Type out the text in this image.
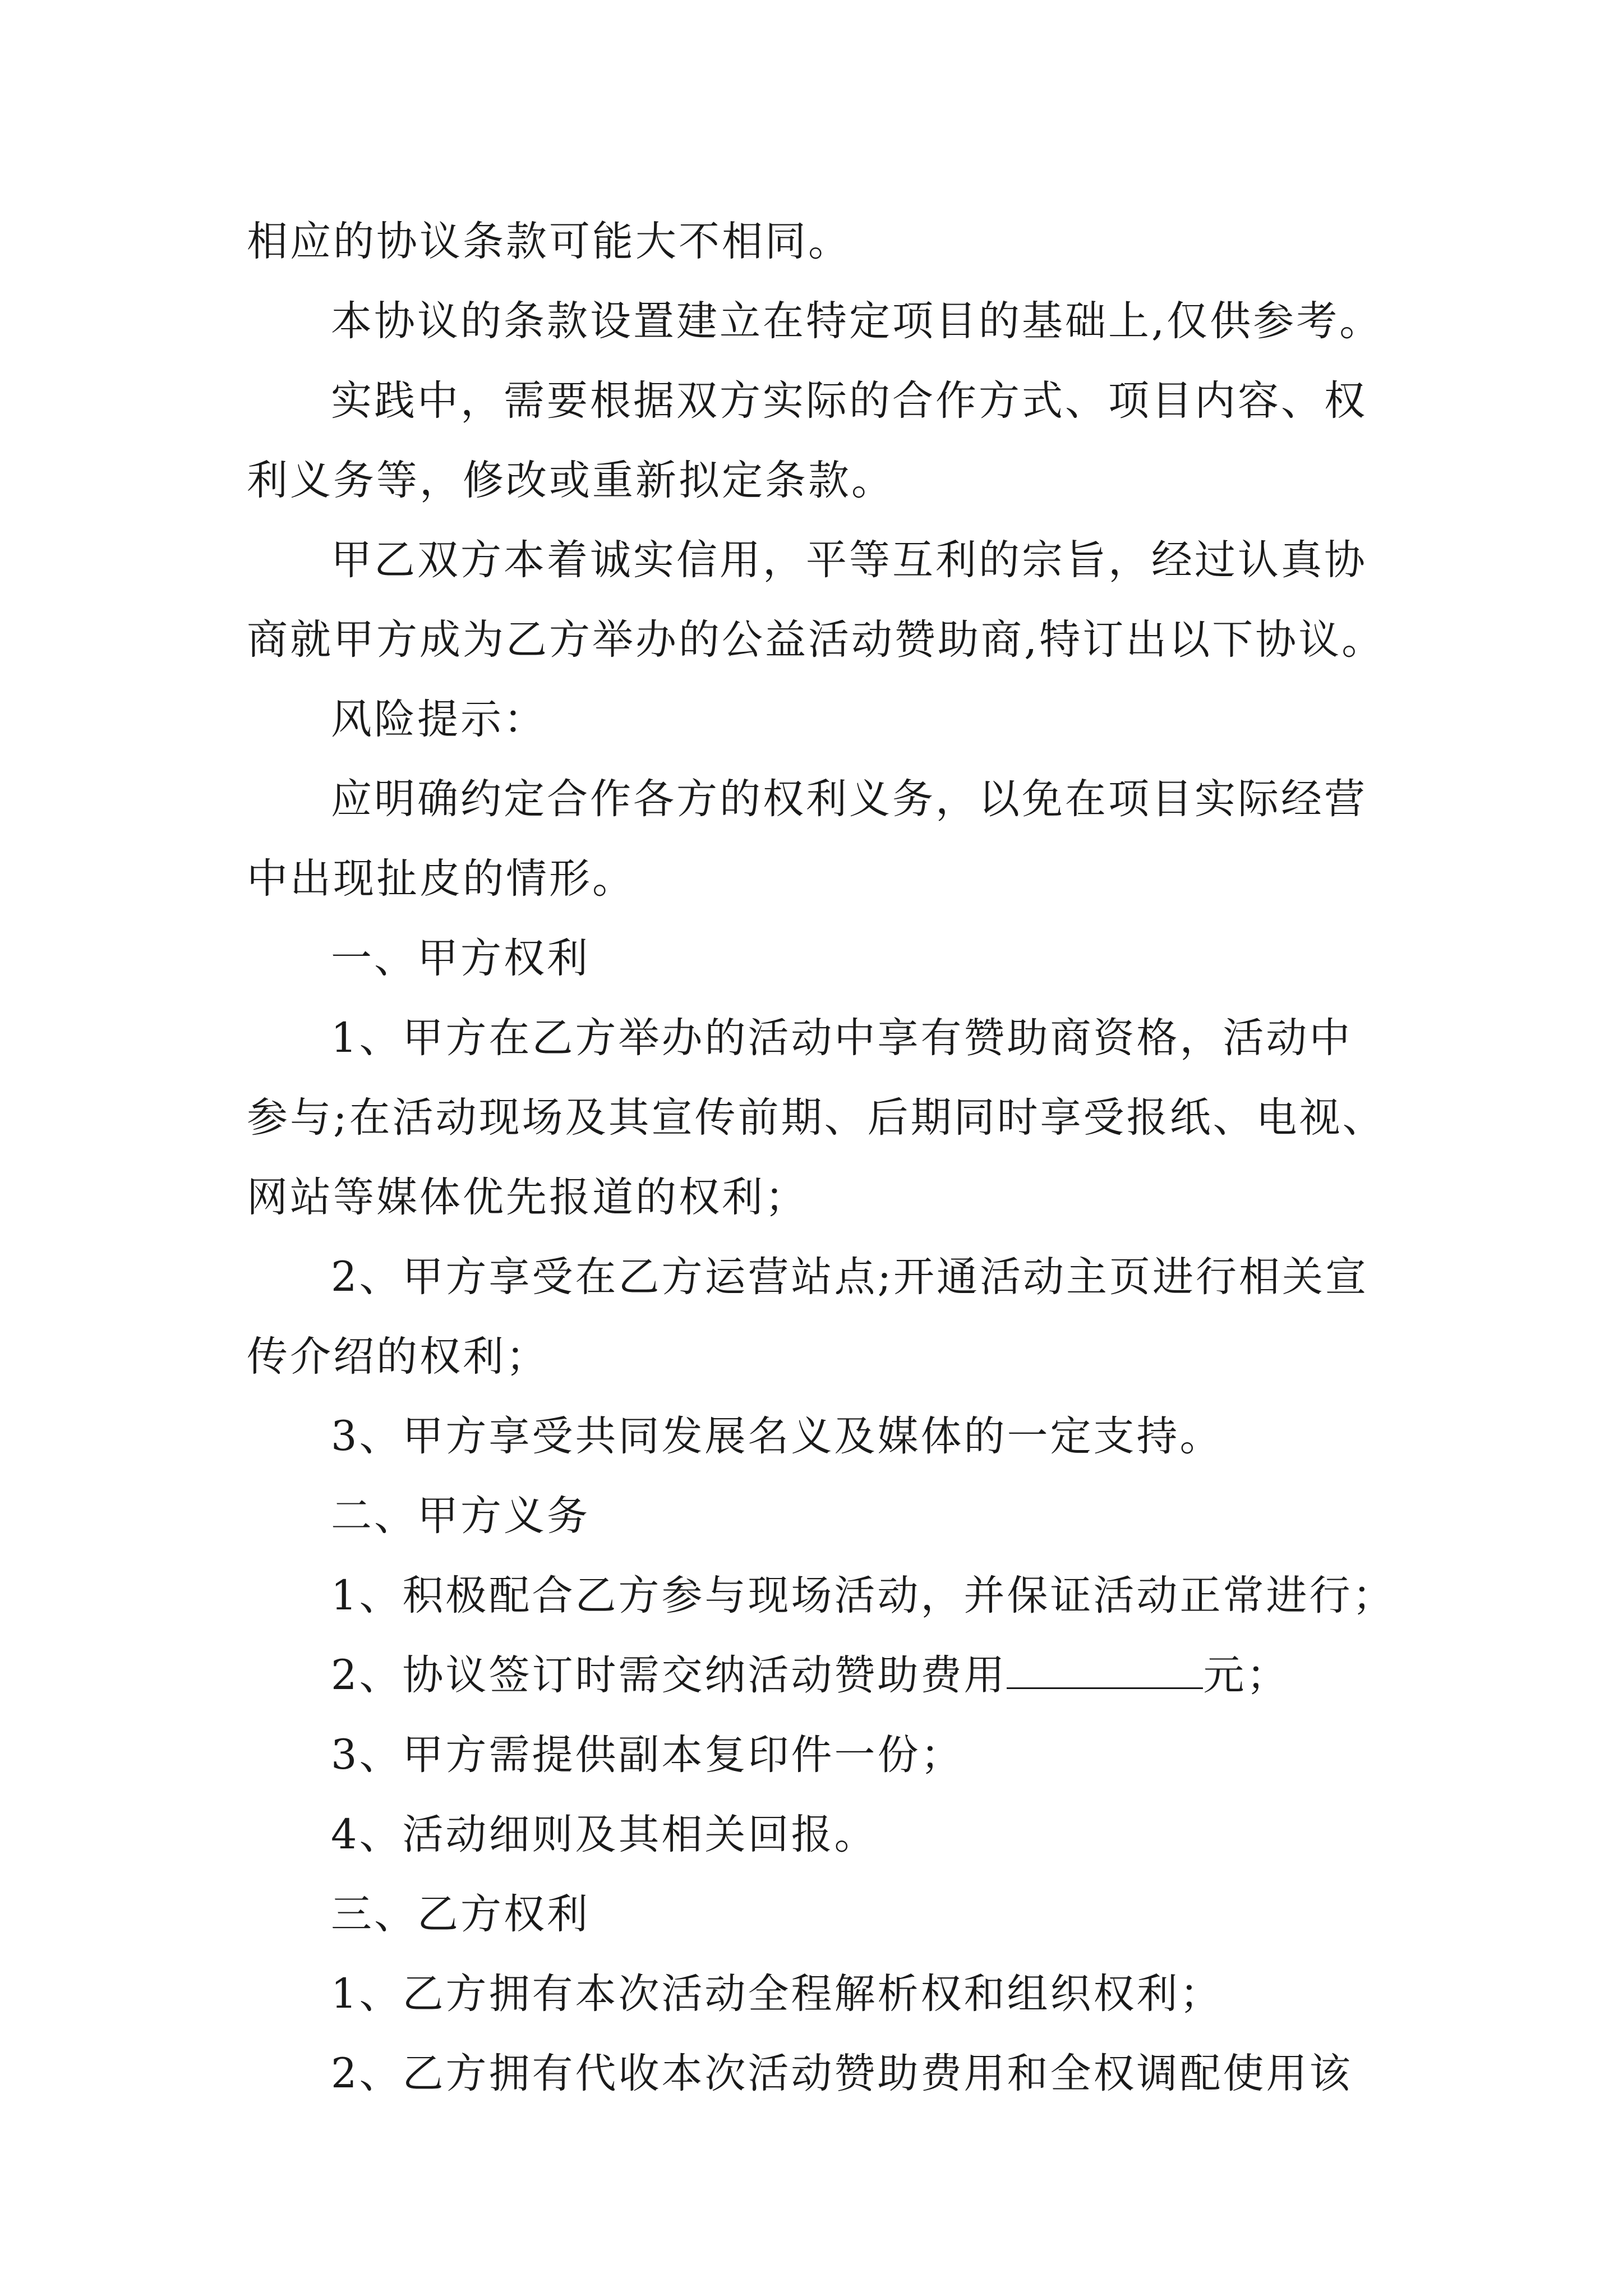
相应的协议条款可能大不相同。
本协议的条款设置建立在特定项目的基础上,仅供参考。
实践中，需要根据双方实际的合作方式、项目内容、权
利义务等，修改或重新拟定条款。
甲乙双方本着诚实信用，平等互利的宗旨，经过认真协
商就甲方成为乙方举办的公益活动赞助商,特订出以下协议。
风险提示：
应明确约定合作各方的权利义务，以免在项目实际经营
中出现扯皮的情形。
一、甲方权利
1、甲方在乙方举办的活动中享有赞助商资格，活动中
参与;在活动现场及其宣传前期、后期同时享受报纸、电视、
网站等媒体优先报道的权利；
2、甲方享受在乙方运营站点;开通活动主页进行相关宣
传介绍的权利；
3、甲方享受共同发展名义及媒体的一定支持。
二、甲方义务
1、积极配合乙方参与现场活动，并保证活动正常进行；
2、协议签订时需交纳活动赞助费用	元；
3、甲方需提供副本复印件一份；
4、活动细则及其相关回报。
三、乙方权利
1、乙方拥有本次活动全程解析权和组织权利；
2、乙方拥有代收本次活动赞助费用和全权调配使用该
